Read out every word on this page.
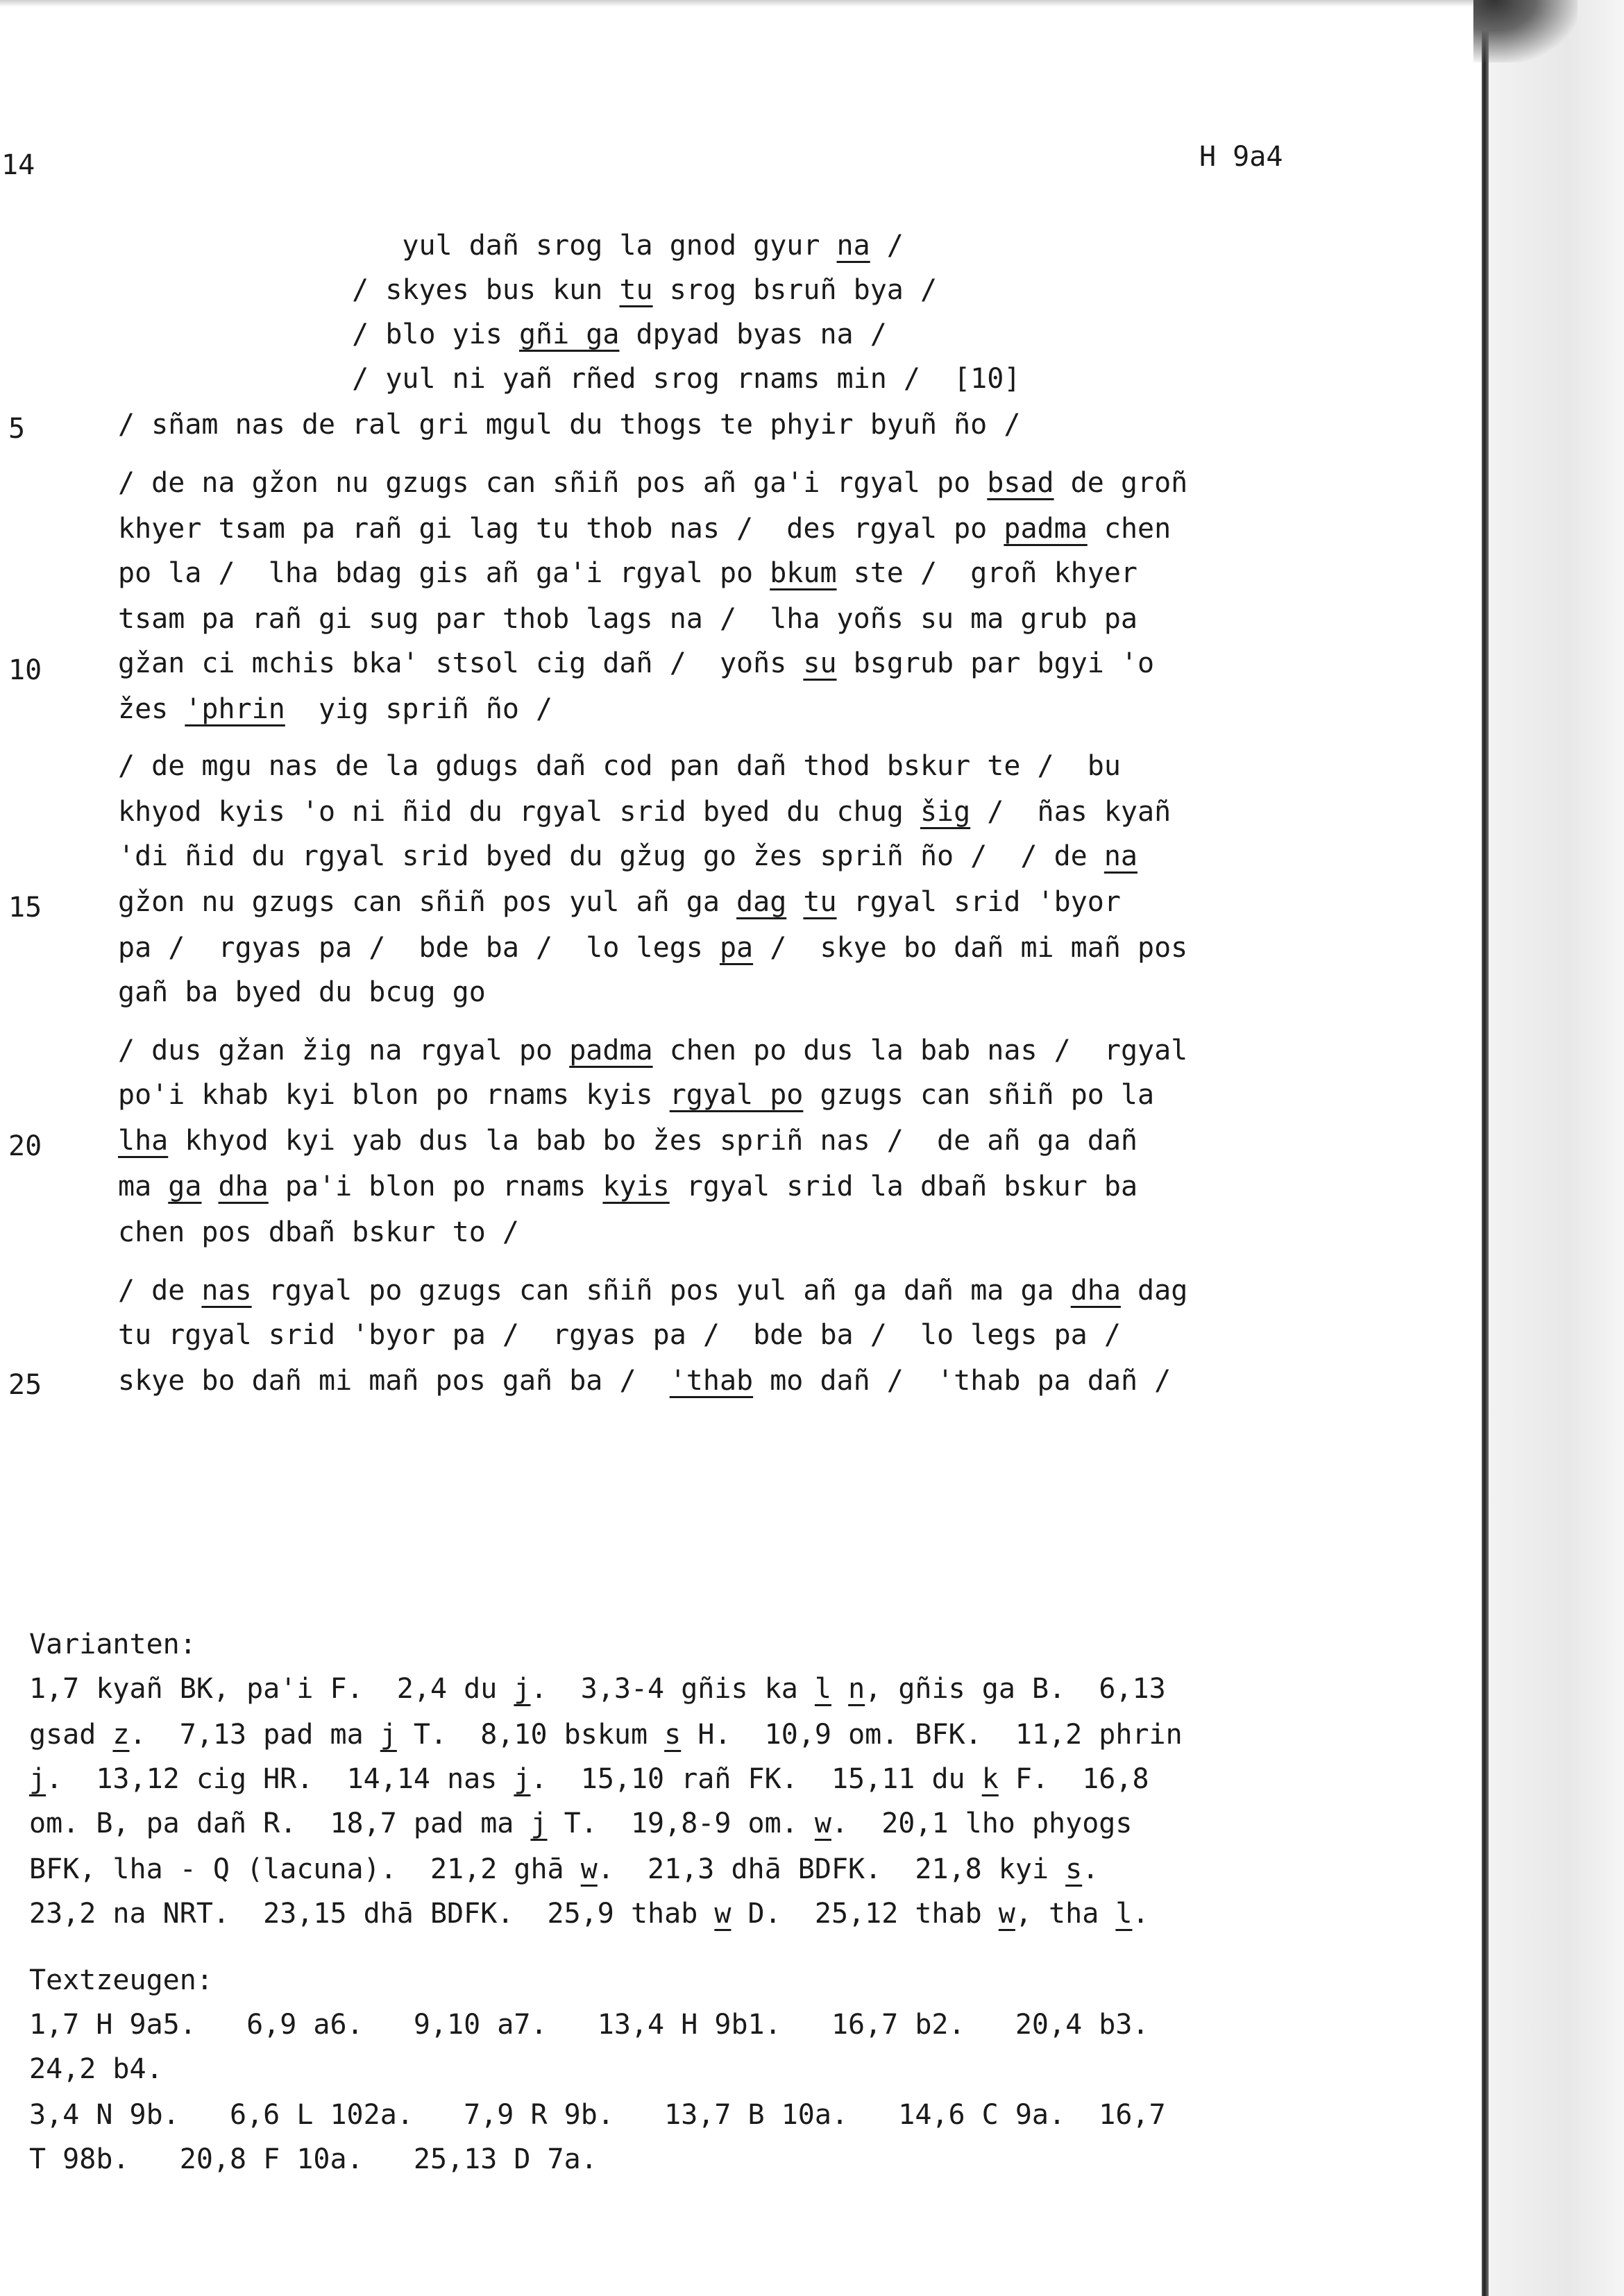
14	H 9a4
5
10
15
20
25
yul dañ srog la gnod gyur na /
/ skyes bus kun tu srog bsruñ bya /
/ blo yis gñi ga dpyad byas na /
/ yul ni yañ rñed srog rnams min /  [10]
/ sñam nas de ral gri mgul du thogs te phyir byuñ ño /
/ de na gžon nu gzugs can sñiñ pos añ ga'i rgyal po bsad de groñ
khyer tsam pa rañ gi lag tu thob nas /  des rgyal po padma chen
po la /  lha bdag gis añ ga'i rgyal po bkum ste /  groñ khyer
tsam pa rañ gi sug par thob lags na /  lha yoñs su ma grub pa
gžan ci mchis bka' stsol cig dañ /  yoñs su bsgrub par bgyi 'o
žes 'phrin  yig spriñ ño /
/ de mgu nas de la gdugs dañ cod pan dañ thod bskur te /  bu
khyod kyis 'o ni ñid du rgyal srid byed du chug šig /  ñas kyañ
'di ñid du rgyal srid byed du gžug go žes spriñ ño /  / de na
gžon nu gzugs can sñiñ pos yul añ ga dag tu rgyal srid 'byor
pa /  rgyas pa /  bde ba /  lo legs pa /  skye bo dañ mi mañ pos
gañ ba byed du bcug go
/ dus gžan žig na rgyal po padma chen po dus la bab nas /  rgyal
po'i khab kyi blon po rnams kyis rgyal po gzugs can sñiñ po la
lha khyod kyi yab dus la bab bo žes spriñ nas /  de añ ga dañ
ma ga dha pa'i blon po rnams kyis rgyal srid la dbañ bskur ba
chen pos dbañ bskur to /
/ de nas rgyal po gzugs can sñiñ pos yul añ ga dañ ma ga dha dag
tu rgyal srid 'byor pa /  rgyas pa /  bde ba /  lo legs pa /
skye bo dañ mi mañ pos gañ ba /  'thab mo dañ /  'thab pa dañ /
Varianten:
1,7 kyañ BK, pa'i F.  2,4 du j.  3,3-4 gñis ka l n, gñis ga B.  6,13
gsad z.  7,13 pad ma j T.  8,10 bskum s H.  10,9 om. BFK.  11,2 phrin
j.  13,12 cig HR.  14,14 nas j.  15,10 rañ FK.  15,11 du k F.  16,8
om. B, pa dañ R.  18,7 pad ma j T.  19,8-9 om. w.  20,1 lho phyogs
BFK, lha - Q (lacuna).  21,2 ghā w.  21,3 dhā BDFK.  21,8 kyi s.
23,2 na NRT.  23,15 dhā BDFK.  25,9 thab w D.  25,12 thab w, tha l.
Textzeugen:
1,7 H 9a5.   6,9 a6.   9,10 a7.   13,4 H 9b1.   16,7 b2.   20,4 b3.
24,2 b4.
3,4 N 9b.   6,6 L 102a.   7,9 R 9b.   13,7 B 10a.   14,6 C 9a.  16,7
T 98b.   20,8 F 10a.   25,13 D 7a.
